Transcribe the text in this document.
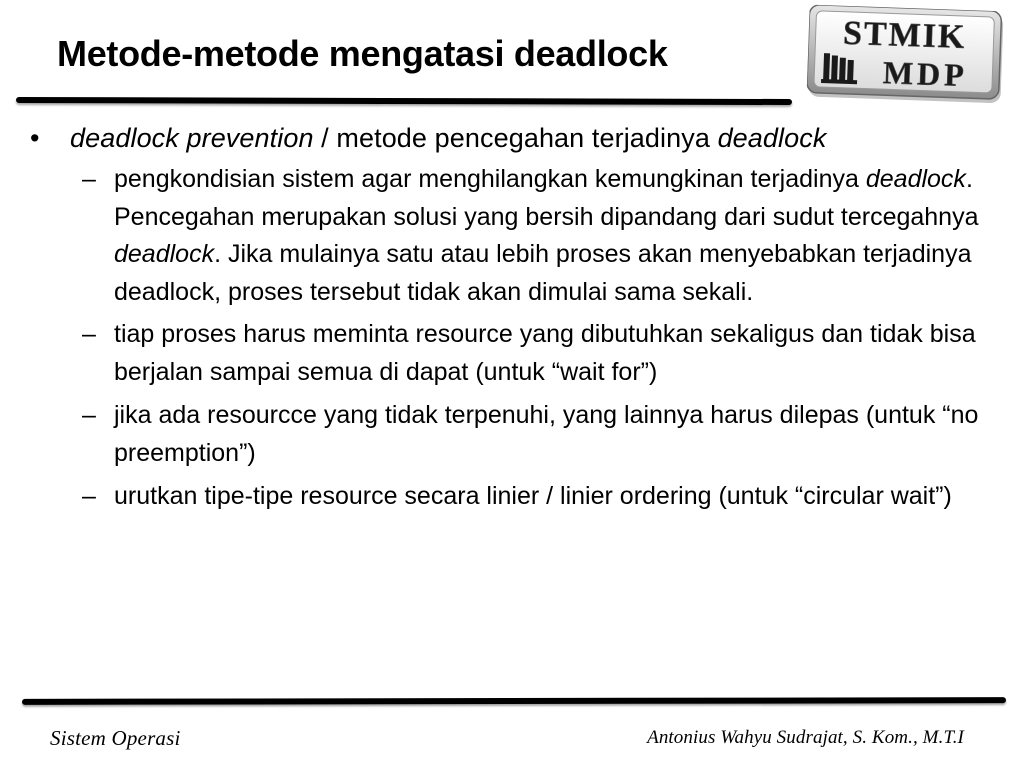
Metode-metode mengatasi deadlock	STMIK
MDP

• deadlock prevention / metode pencegahan terjadinya deadlock

– pengkondisian sistem agar menghilangkan kemungkinan terjadinya deadlock. Pencegahan merupakan solusi yang bersih dipandang dari sudut tercegahnya deadlock. Jika mulainya satu atau lebih proses akan menyebabkan terjadinya deadlock, proses tersebut tidak akan dimulai sama sekali.
– tiap proses harus meminta resource yang dibutuhkan sekaligus dan tidak bisa berjalan sampai semua di dapat (untuk “wait for”)
– jika ada resourcce yang tidak terpenuhi, yang lainnya harus dilepas (untuk “no preemption”)
– urutkan tipe-tipe resource secara linier / linier ordering (untuk “circular wait”)
Sistem Operasi	Antonius Wahyu Sudrajat, S. Kom., M.T.I
